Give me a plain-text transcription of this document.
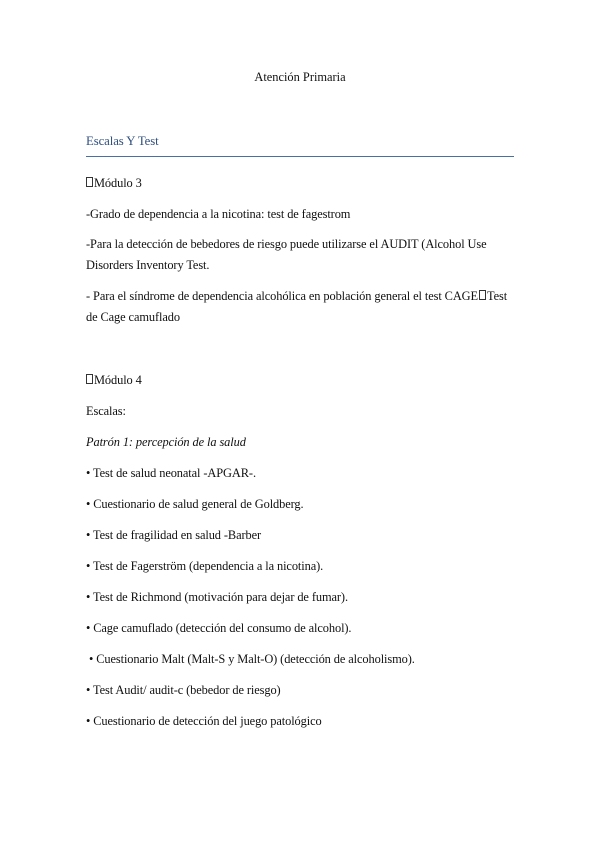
Atención Primaria

Escalas Y Test

Módulo 3

-Grado de dependencia a la nicotina: test de fagestrom

-Para la detección de bebedores de riesgo puede utilizarse el AUDIT (Alcohol Use

Disorders Inventory Test.

- Para el síndrome de dependencia alcohólica en población general el test CAGE Test

de Cage camuflado

Módulo 4

Escalas:

Patrón 1: percepción de la salud

• Test de salud neonatal -APGAR-.

• Cuestionario de salud general de Goldberg.

• Test de fragilidad en salud -Barber

• Test de Fagerström (dependencia a la nicotina).

• Test de Richmond (motivación para dejar de fumar).

• Cage camuflado (detección del consumo de alcohol).

• Cuestionario Malt (Malt-S y Malt-O) (detección de alcoholismo).

• Test Audit/ audit-c (bebedor de riesgo)

• Cuestionario de detección del juego patológico
